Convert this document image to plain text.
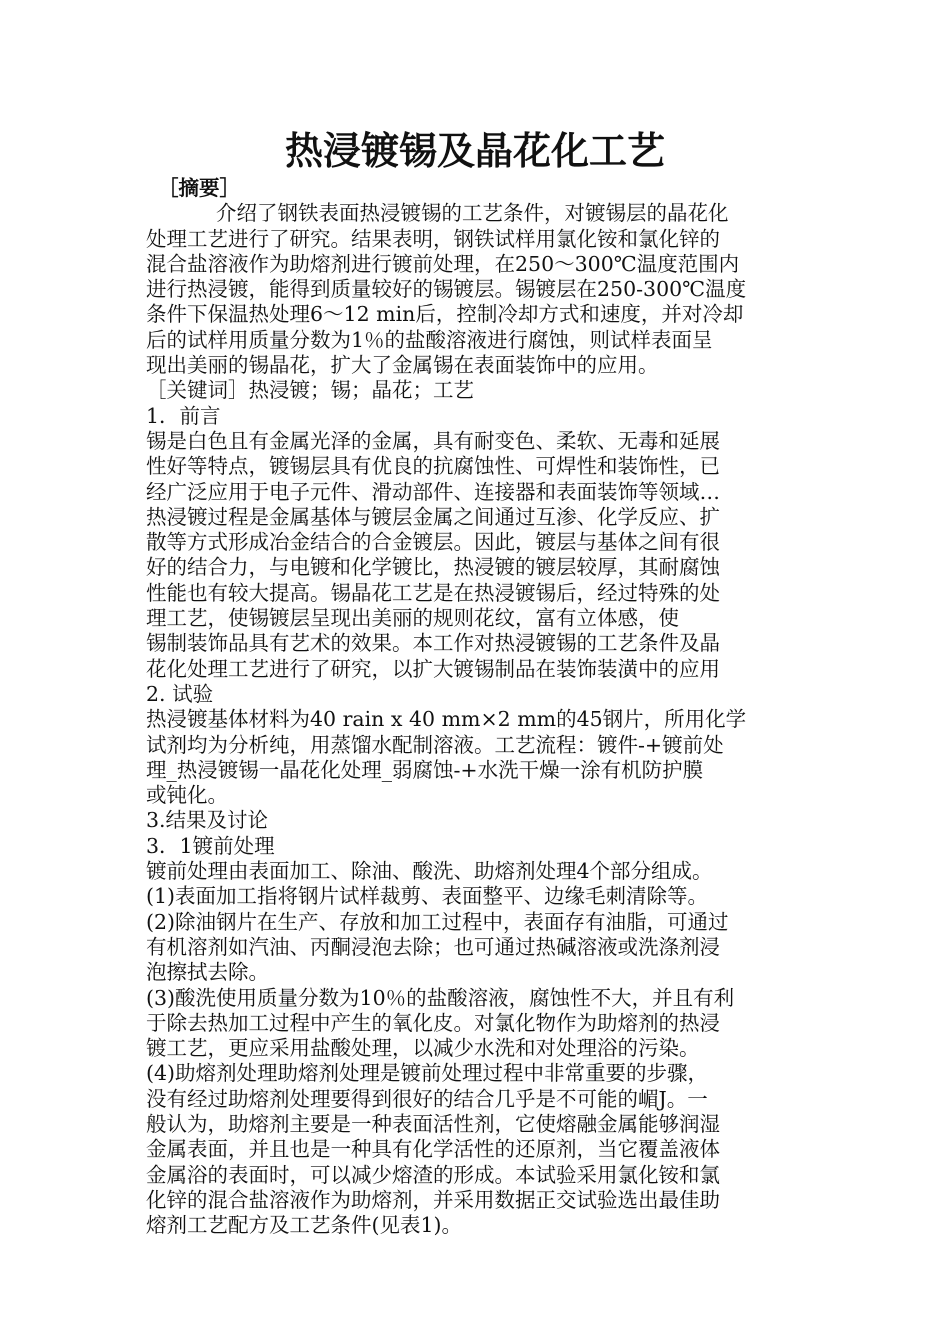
热浸镀锡及晶花化工艺
［摘要］
介绍了钢铁表面热浸镀锡的工艺条件，对镀锡层的晶花化
处理工艺进行了研究。结果表明，钢铁试样用氯化铵和氯化锌的
混合盐溶液作为助熔剂进行镀前处理，在250～300℃温度范围内
进行热浸镀，能得到质量较好的锡镀层。锡镀层在250-300℃温度
条件下保温热处理6～12 min后，控制冷却方式和速度，并对冷却
后的试样用质量分数为1％的盐酸溶液进行腐蚀，则试样表面呈
现出美丽的锡晶花，扩大了金属锡在表面装饰中的应用。
［关键词］热浸镀；锡；晶花；工艺
1．前言
锡是白色且有金属光泽的金属，具有耐变色、柔软、无毒和延展
性好等特点，镀锡层具有优良的抗腐蚀性、可焊性和装饰性，已
经广泛应用于电子元件、滑动部件、连接器和表面装饰等领域…
热浸镀过程是金属基体与镀层金属之间通过互渗、化学反应、扩
散等方式形成冶金结合的合金镀层。因此，镀层与基体之间有很
好的结合力，与电镀和化学镀比，热浸镀的镀层较厚，其耐腐蚀
性能也有较大提高。锡晶花工艺是在热浸镀锡后，经过特殊的处
理工艺，使锡镀层呈现出美丽的规则花纹，富有立体感，使
锡制装饰品具有艺术的效果。本工作对热浸镀锡的工艺条件及晶
花化处理工艺进行了研究，以扩大镀锡制品在装饰装潢中的应用
2. 试验
热浸镀基体材料为40 rain x 40 mm×2 mm的45钢片，所用化学
试剂均为分析纯，用蒸馏水配制溶液。工艺流程：镀件-+镀前处
理_热浸镀锡一晶花化处理_弱腐蚀-+水洗干燥一涂有机防护膜
或钝化。
3.结果及讨论
3．1镀前处理
镀前处理由表面加工、除油、酸洗、助熔剂处理4个部分组成。
(1)表面加工指将钢片试样裁剪、表面整平、边缘毛刺清除等。
(2)除油钢片在生产、存放和加工过程中，表面存有油脂，可通过
有机溶剂如汽油、丙酮浸泡去除；也可通过热碱溶液或洗涤剂浸
泡擦拭去除。
(3)酸洗使用质量分数为10％的盐酸溶液，腐蚀性不大，并且有利
于除去热加工过程中产生的氧化皮。对氯化物作为助熔剂的热浸
镀工艺，更应采用盐酸处理，以减少水洗和对处理浴的污染。
(4)助熔剂处理助熔剂处理是镀前处理过程中非常重要的步骤，
没有经过助熔剂处理要得到很好的结合几乎是不可能的嵋J。一
般认为，助熔剂主要是一种表面活性剂，它使熔融金属能够润湿
金属表面，并且也是一种具有化学活性的还原剂，当它覆盖液体
金属浴的表面时，可以减少熔渣的形成。本试验采用氯化铵和氯
化锌的混合盐溶液作为助熔剂，并采用数据正交试验选出最佳助
熔剂工艺配方及工艺条件(见表1)。
